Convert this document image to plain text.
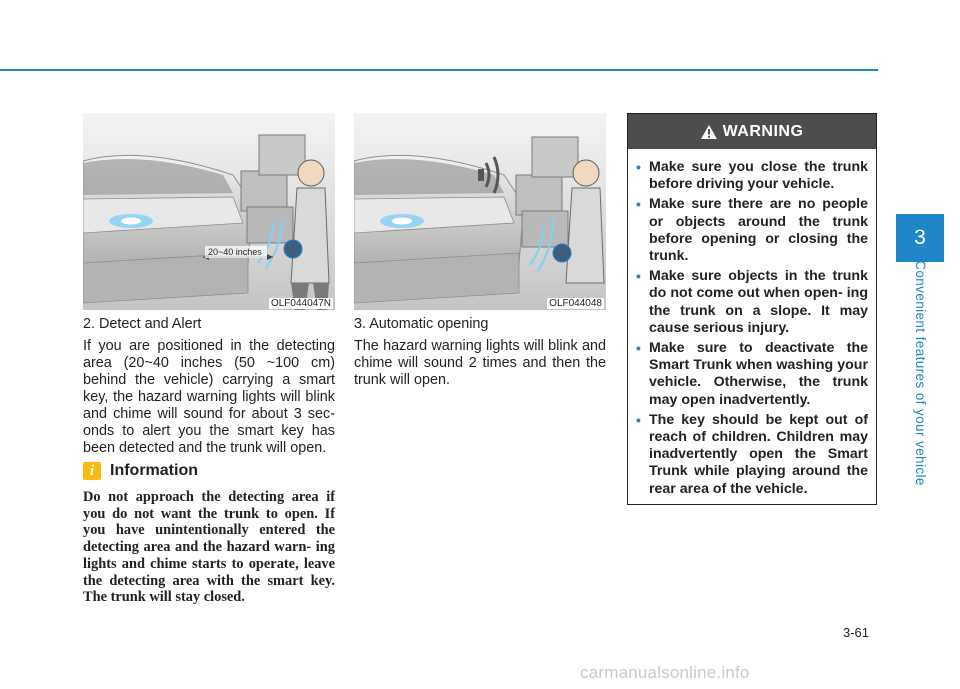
20~40 inches
OLF044047N	OLF044048
2. Detect and Alert

If you are positioned in the detecting area (20~40 inches (50 ~100 cm) behind the vehicle) carrying a smart key, the hazard warning lights will blink and chime will sound for about 3 sec- onds to alert you the smart key has been detected and the trunk will open.

i Information

Do not approach the detecting area if you do not want the trunk to open. If you have unintentionally entered the detecting area and the hazard warn- ing lights and chime starts to operate, leave the detecting area with the smart key. The trunk will stay closed.

3. Automatic opening

The hazard warning lights will blink and chime will sound 2 times and then the trunk will open.

WARNING
• Make sure you close the trunk before driving your vehicle.
• Make sure there are no people or objects around the trunk before opening or closing the trunk.
• Make sure objects in the trunk do not come out when open- ing the trunk on a slope. It may cause serious injury.
• Make sure to deactivate the Smart Trunk when washing your vehicle. Otherwise, the trunk may open inadvertently.
• The key should be kept out of reach of children. Children may inadvertently open the Smart Trunk while playing around the rear area of the vehicle.
3
Convenient features of your vehicle
3-61
carmanualsonline.info
